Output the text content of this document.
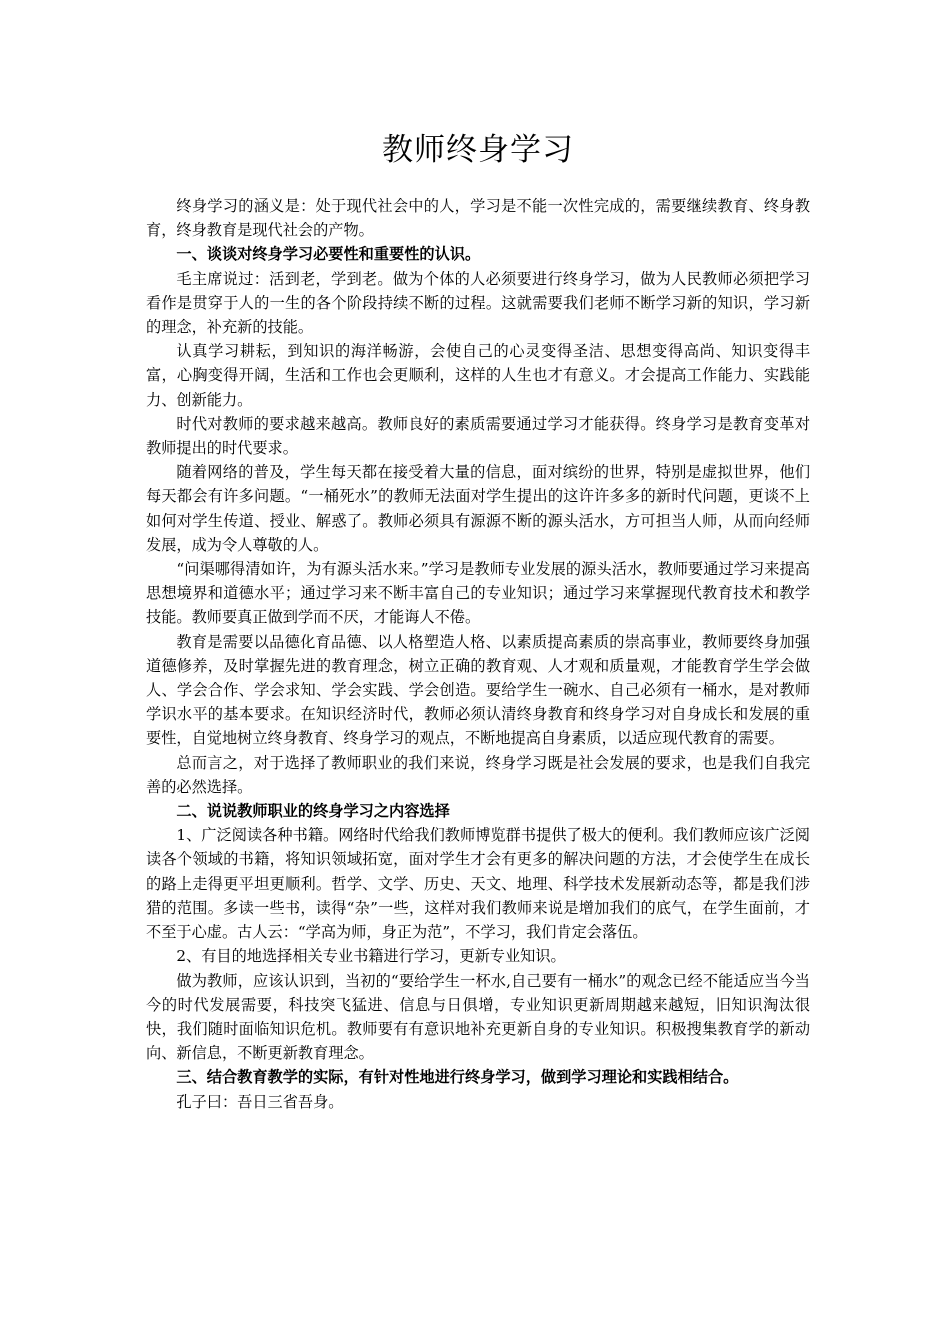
教师终身学习

终身学习的涵义是：处于现代社会中的人，学习是不能一次性完成的，需要继续教育、终身教育，终身教育是现代社会的产物。

一、谈谈对终身学习必要性和重要性的认识。

毛主席说过：活到老，学到老。做为个体的人必须要进行终身学习，做为人民教师必须把学习看作是贯穿于人的一生的各个阶段持续不断的过程。这就需要我们老师不断学习新的知识，学习新的理念，补充新的技能。

认真学习耕耘，到知识的海洋畅游，会使自己的心灵变得圣洁、思想变得高尚、知识变得丰富，心胸变得开阔，生活和工作也会更顺利，这样的人生也才有意义。才会提高工作能力、实践能力、创新能力。

时代对教师的要求越来越高。教师良好的素质需要通过学习才能获得。终身学习是教育变革对教师提出的时代要求。

随着网络的普及，学生每天都在接受着大量的信息，面对缤纷的世界，特别是虚拟世界，他们每天都会有许多问题。“一桶死水”的教师无法面对学生提出的这许许多多的新时代问题，更谈不上如何对学生传道、授业、解惑了。教师必须具有源源不断的源头活水，方可担当人师，从而向经师发展，成为令人尊敬的人。

“问渠哪得清如许，为有源头活水来。”学习是教师专业发展的源头活水，教师要通过学习来提高思想境界和道德水平；通过学习来不断丰富自己的专业知识；通过学习来掌握现代教育技术和教学技能。教师要真正做到学而不厌，才能诲人不倦。

教育是需要以品德化育品德、以人格塑造人格、以素质提高素质的崇高事业，教师要终身加强道德修养，及时掌握先进的教育理念，树立正确的教育观、人才观和质量观，才能教育学生学会做人、学会合作、学会求知、学会实践、学会创造。要给学生一碗水、自己必须有一桶水，是对教师学识水平的基本要求。在知识经济时代，教师必须认清终身教育和终身学习对自身成长和发展的重要性，自觉地树立终身教育、终身学习的观点，不断地提高自身素质，以适应现代教育的需要。

总而言之，对于选择了教师职业的我们来说，终身学习既是社会发展的要求，也是我们自我完善的必然选择。

二、说说教师职业的终身学习之内容选择

1、广泛阅读各种书籍。网络时代给我们教师博览群书提供了极大的便利。我们教师应该广泛阅读各个领域的书籍，将知识领域拓宽，面对学生才会有更多的解决问题的方法，才会使学生在成长的路上走得更平坦更顺利。哲学、文学、历史、天文、地理、科学技术发展新动态等，都是我们涉猎的范围。多读一些书，读得“杂”一些，这样对我们教师来说是增加我们的底气，在学生面前，才不至于心虚。古人云：“学高为师，身正为范”，不学习，我们肯定会落伍。

2、有目的地选择相关专业书籍进行学习，更新专业知识。

做为教师，应该认识到，当初的“要给学生一杯水,自己要有一桶水”的观念已经不能适应当今当今的时代发展需要，科技突飞猛进、信息与日俱增，专业知识更新周期越来越短，旧知识淘汰很快，我们随时面临知识危机。教师要有有意识地补充更新自身的专业知识。积极搜集教育学的新动向、新信息，不断更新教育理念。

三、结合教育教学的实际，有针对性地进行终身学习，做到学习理论和实践相结合。

孔子曰：吾日三省吾身。
